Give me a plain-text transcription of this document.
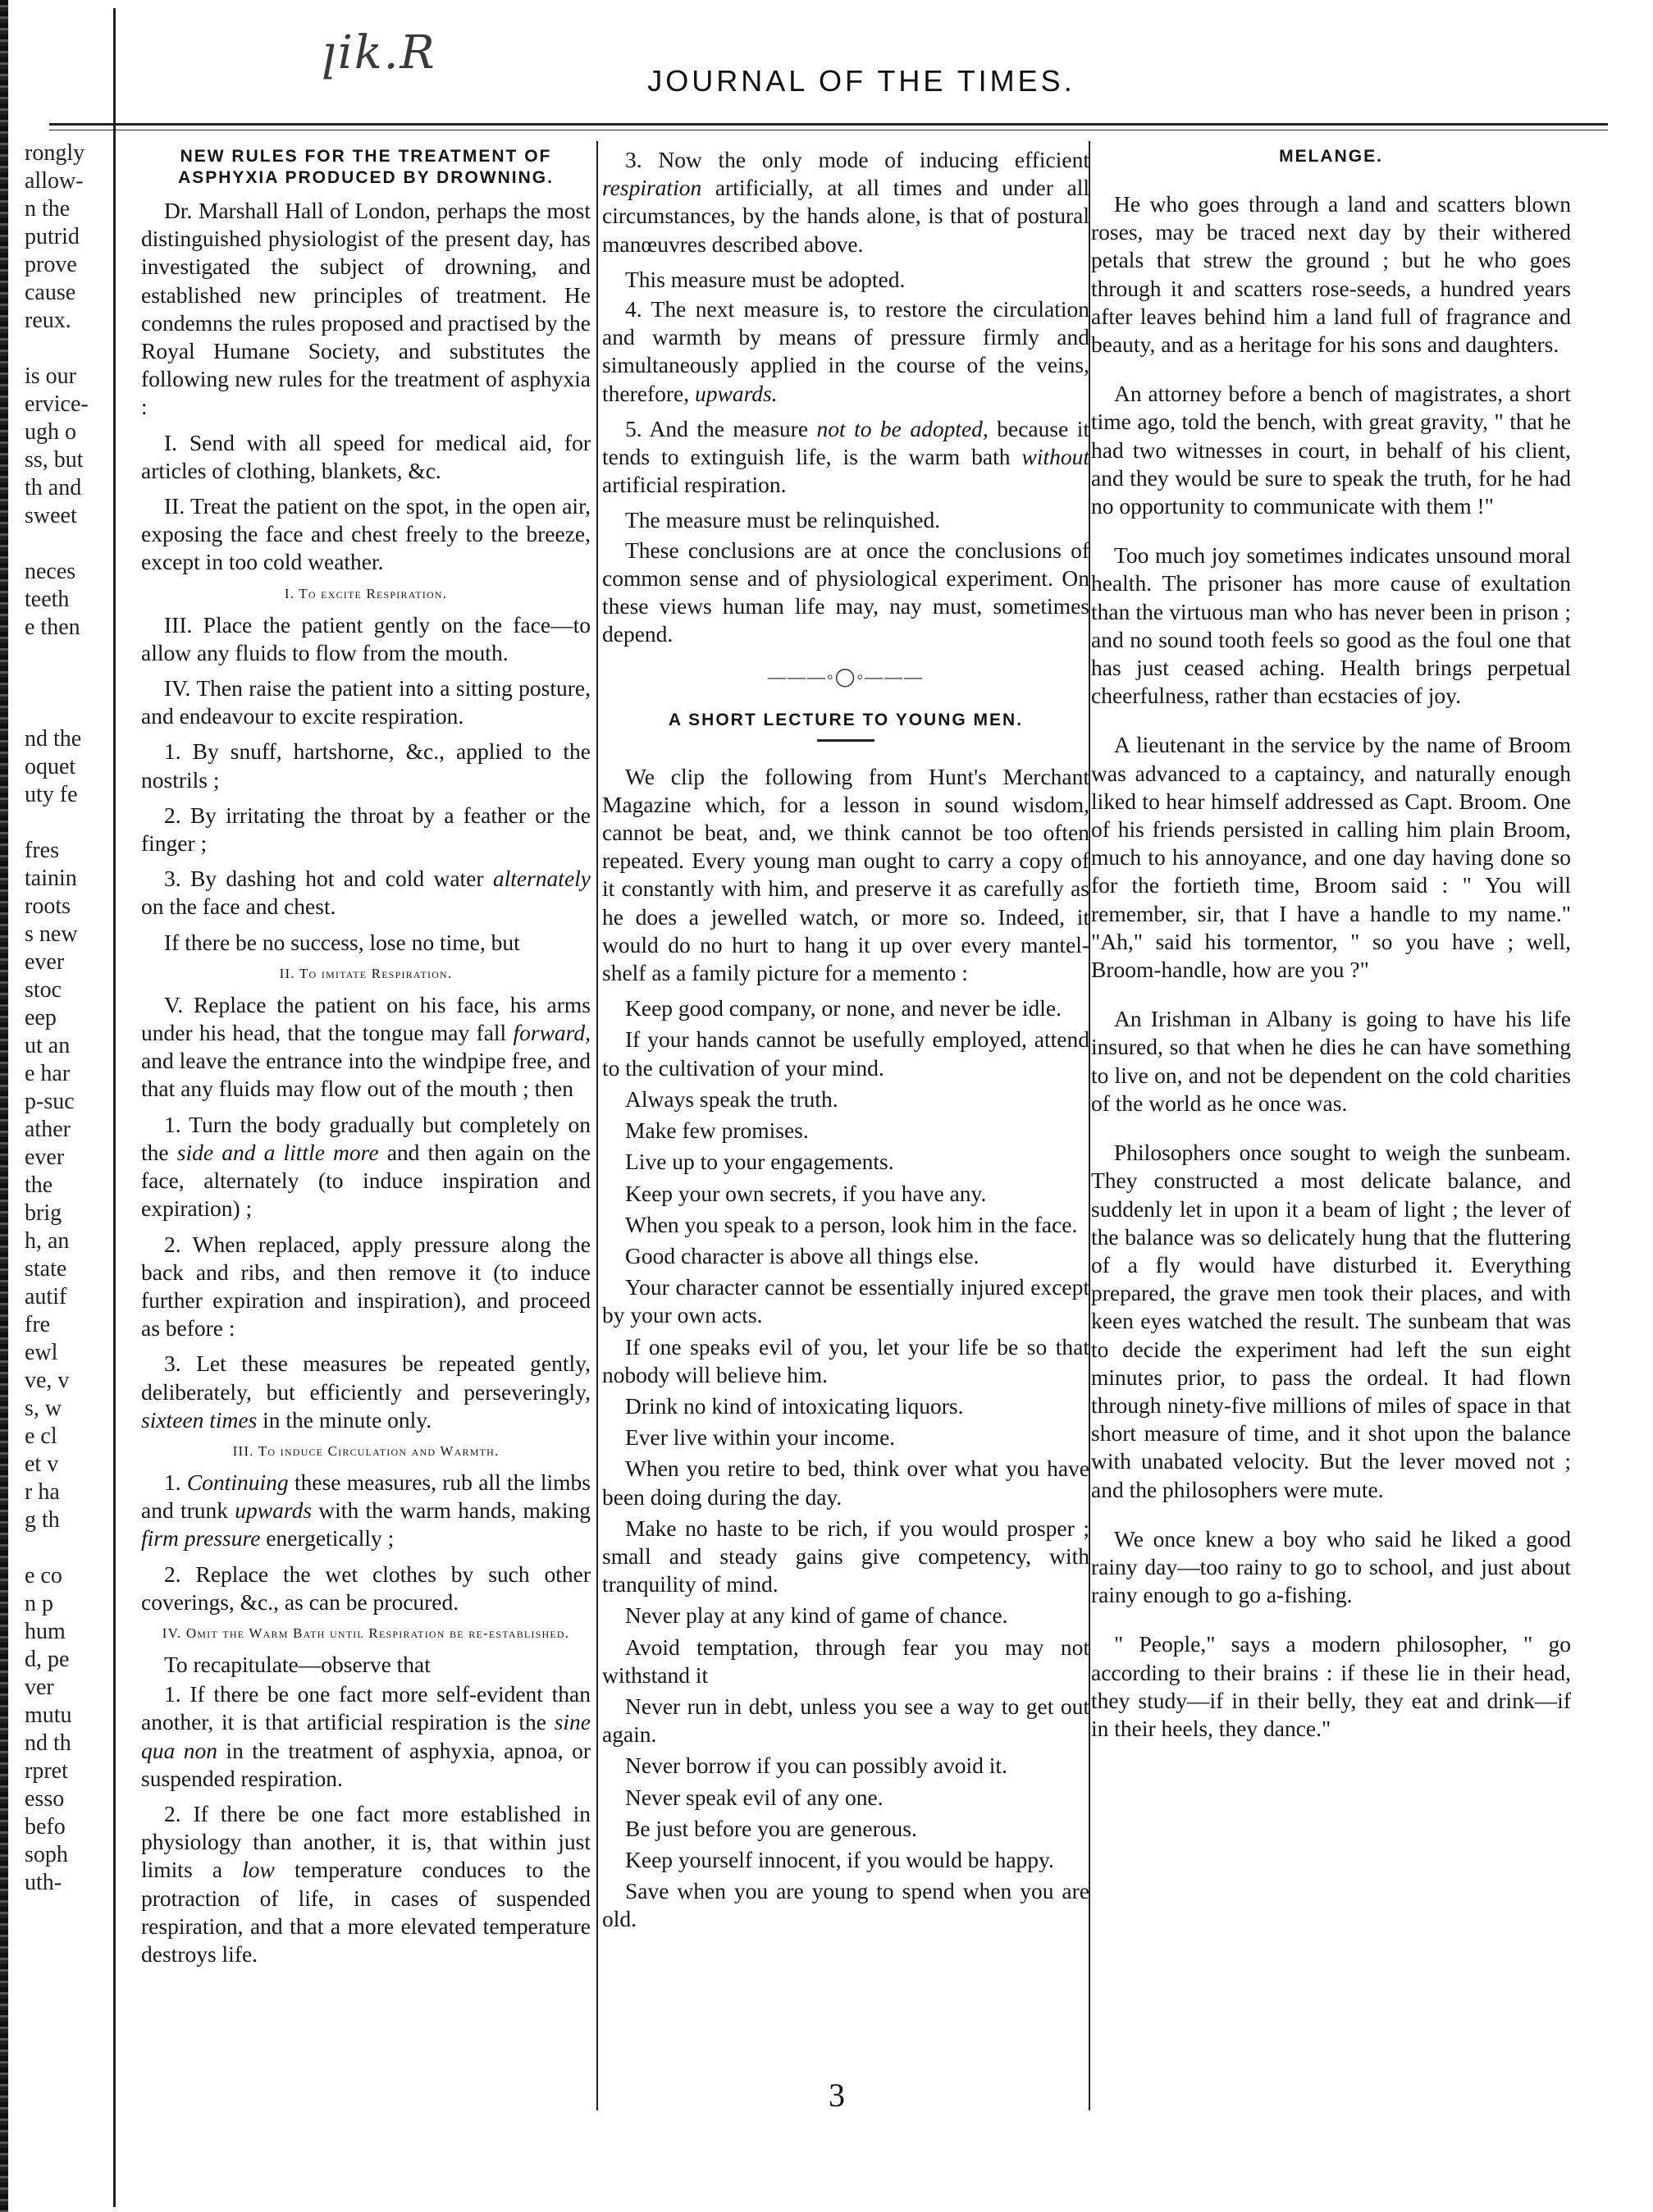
rongly
allow-
n the
putrid
prove
cause
reux.
is our
ervice-
ugh o
ss, but
th and
sweet
neces
teeth
e then
nd the
oquet
uty fe
fres
tainin
roots
s new
ever
stoc
eep
ut an
e har
p-suc
ather
ever
the
brig
h, an
state
autif
fre
ewl
ve, v
s, w
e cl
et v
r ha
g th
e co
n p
hum
d, pe
ver
mutu
nd th
rpret
esso
befo
soph
uth-
ꞁ𝑖𝑘.𝑅
JOURNAL OF THE TIMES.
NEW RULES FOR THE TREATMENT OF ASPHYXIA PRODUCED BY DROWNING.

Dr. Marshall Hall of London, perhaps the most distinguished physiologist of the present day, has investigated the subject of drowning, and established new principles of treatment. He condemns the rules proposed and practised by the Royal Humane Society, and substitutes the following new rules for the treatment of asphyxia :

I. Send with all speed for medical aid, for articles of clothing, blankets, &c.

II. Treat the patient on the spot, in the open air, exposing the face and chest freely to the breeze, except in too cold weather.

I. To excite Respiration.

III. Place the patient gently on the face—to allow any fluids to flow from the mouth.

IV. Then raise the patient into a sitting posture, and endeavour to excite respiration.

1. By snuff, hartshorne, &c., applied to the nostrils ;

2. By irritating the throat by a feather or the finger ;

3. By dashing hot and cold water alternately on the face and chest.

If there be no success, lose no time, but

II. To imitate Respiration.

V. Replace the patient on his face, his arms under his head, that the tongue may fall forward, and leave the entrance into the windpipe free, and that any fluids may flow out of the mouth ; then

1. Turn the body gradually but completely on the side and a little more and then again on the face, alternately (to induce inspiration and expiration) ;

2. When replaced, apply pressure along the back and ribs, and then remove it (to induce further expiration and inspiration), and proceed as before :

3. Let these measures be repeated gently, deliberately, but efficiently and perseveringly, sixteen times in the minute only.

III. To induce Circulation and Warmth.

1. Continuing these measures, rub all the limbs and trunk upwards with the warm hands, making firm pressure energetically ;

2. Replace the wet clothes by such other coverings, &c., as can be procured.

IV. Omit the Warm Bath until Respiration be re-established.

To recapitulate—observe that

1. If there be one fact more self-evident than another, it is that artificial respiration is the sine qua non in the treatment of asphyxia, apnoa, or suspended respiration.

2. If there be one fact more established in physiology than another, it is, that within just limits a low temperature conduces to the protraction of life, in cases of suspended respiration, and that a more elevated temperature destroys life.

3. Now the only mode of inducing efficient respiration artificially, at all times and under all circumstances, by the hands alone, is that of postural manœuvres described above.

This measure must be adopted.

4. The next measure is, to restore the circulation and warmth by means of pressure firmly and simultaneously applied in the course of the veins, therefore, upwards.

5. And the measure not to be adopted, because it tends to extinguish life, is the warm bath without artificial respiration.

The measure must be relinquished.

These conclusions are at once the conclusions of common sense and of physiological experiment. On these views human life may, nay must, sometimes depend.

———◦◯◦———
A SHORT LECTURE TO YOUNG MEN.

We clip the following from Hunt's Merchant Magazine which, for a lesson in sound wisdom, cannot be beat, and, we think cannot be too often repeated. Every young man ought to carry a copy of it constantly with him, and preserve it as carefully as he does a jewelled watch, or more so. Indeed, it would do no hurt to hang it up over every mantel-shelf as a family picture for a memento :

Keep good company, or none, and never be idle.

If your hands cannot be usefully employed, attend to the cultivation of your mind.

Always speak the truth.

Make few promises.

Live up to your engagements.

Keep your own secrets, if you have any.

When you speak to a person, look him in the face.

Good character is above all things else.

Your character cannot be essentially injured except by your own acts.

If one speaks evil of you, let your life be so that nobody will believe him.

Drink no kind of intoxicating liquors.

Ever live within your income.

When you retire to bed, think over what you have been doing during the day.

Make no haste to be rich, if you would prosper ; small and steady gains give competency, with tranquility of mind.

Never play at any kind of game of chance.

Avoid temptation, through fear you may not withstand it

Never run in debt, unless you see a way to get out again.

Never borrow if you can possibly avoid it.

Never speak evil of any one.

Be just before you are generous.

Keep yourself innocent, if you would be happy.

Save when you are young to spend when you are old.

MELANGE.

He who goes through a land and scatters blown roses, may be traced next day by their withered petals that strew the ground ; but he who goes through it and scatters rose-seeds, a hundred years after leaves behind him a land full of fragrance and beauty, and as a heritage for his sons and daughters.

An attorney before a bench of magistrates, a short time ago, told the bench, with great gravity, " that he had two witnesses in court, in behalf of his client, and they would be sure to speak the truth, for he had no opportunity to communicate with them !"

Too much joy sometimes indicates unsound moral health. The prisoner has more cause of exultation than the virtuous man who has never been in prison ; and no sound tooth feels so good as the foul one that has just ceased aching. Health brings perpetual cheerfulness, rather than ecstacies of joy.

A lieutenant in the service by the name of Broom was advanced to a captaincy, and naturally enough liked to hear himself addressed as Capt. Broom. One of his friends persisted in calling him plain Broom, much to his annoyance, and one day having done so for the fortieth time, Broom said : " You will remember, sir, that I have a handle to my name." "Ah," said his tormentor, " so you have ; well, Broom-handle, how are you ?"

An Irishman in Albany is going to have his life insured, so that when he dies he can have something to live on, and not be dependent on the cold charities of the world as he once was.

Philosophers once sought to weigh the sunbeam. They constructed a most delicate balance, and suddenly let in upon it a beam of light ; the lever of the balance was so delicately hung that the fluttering of a fly would have disturbed it. Everything prepared, the grave men took their places, and with keen eyes watched the result. The sunbeam that was to decide the experiment had left the sun eight minutes prior, to pass the ordeal. It had flown through ninety-five millions of miles of space in that short measure of time, and it shot upon the balance with unabated velocity. But the lever moved not ; and the philosophers were mute.

We once knew a boy who said he liked a good rainy day—too rainy to go to school, and just about rainy enough to go a-fishing.

" People," says a modern philosopher, " go according to their brains : if these lie in their head, they study—if in their belly, they eat and drink—if in their heels, they dance."

3
